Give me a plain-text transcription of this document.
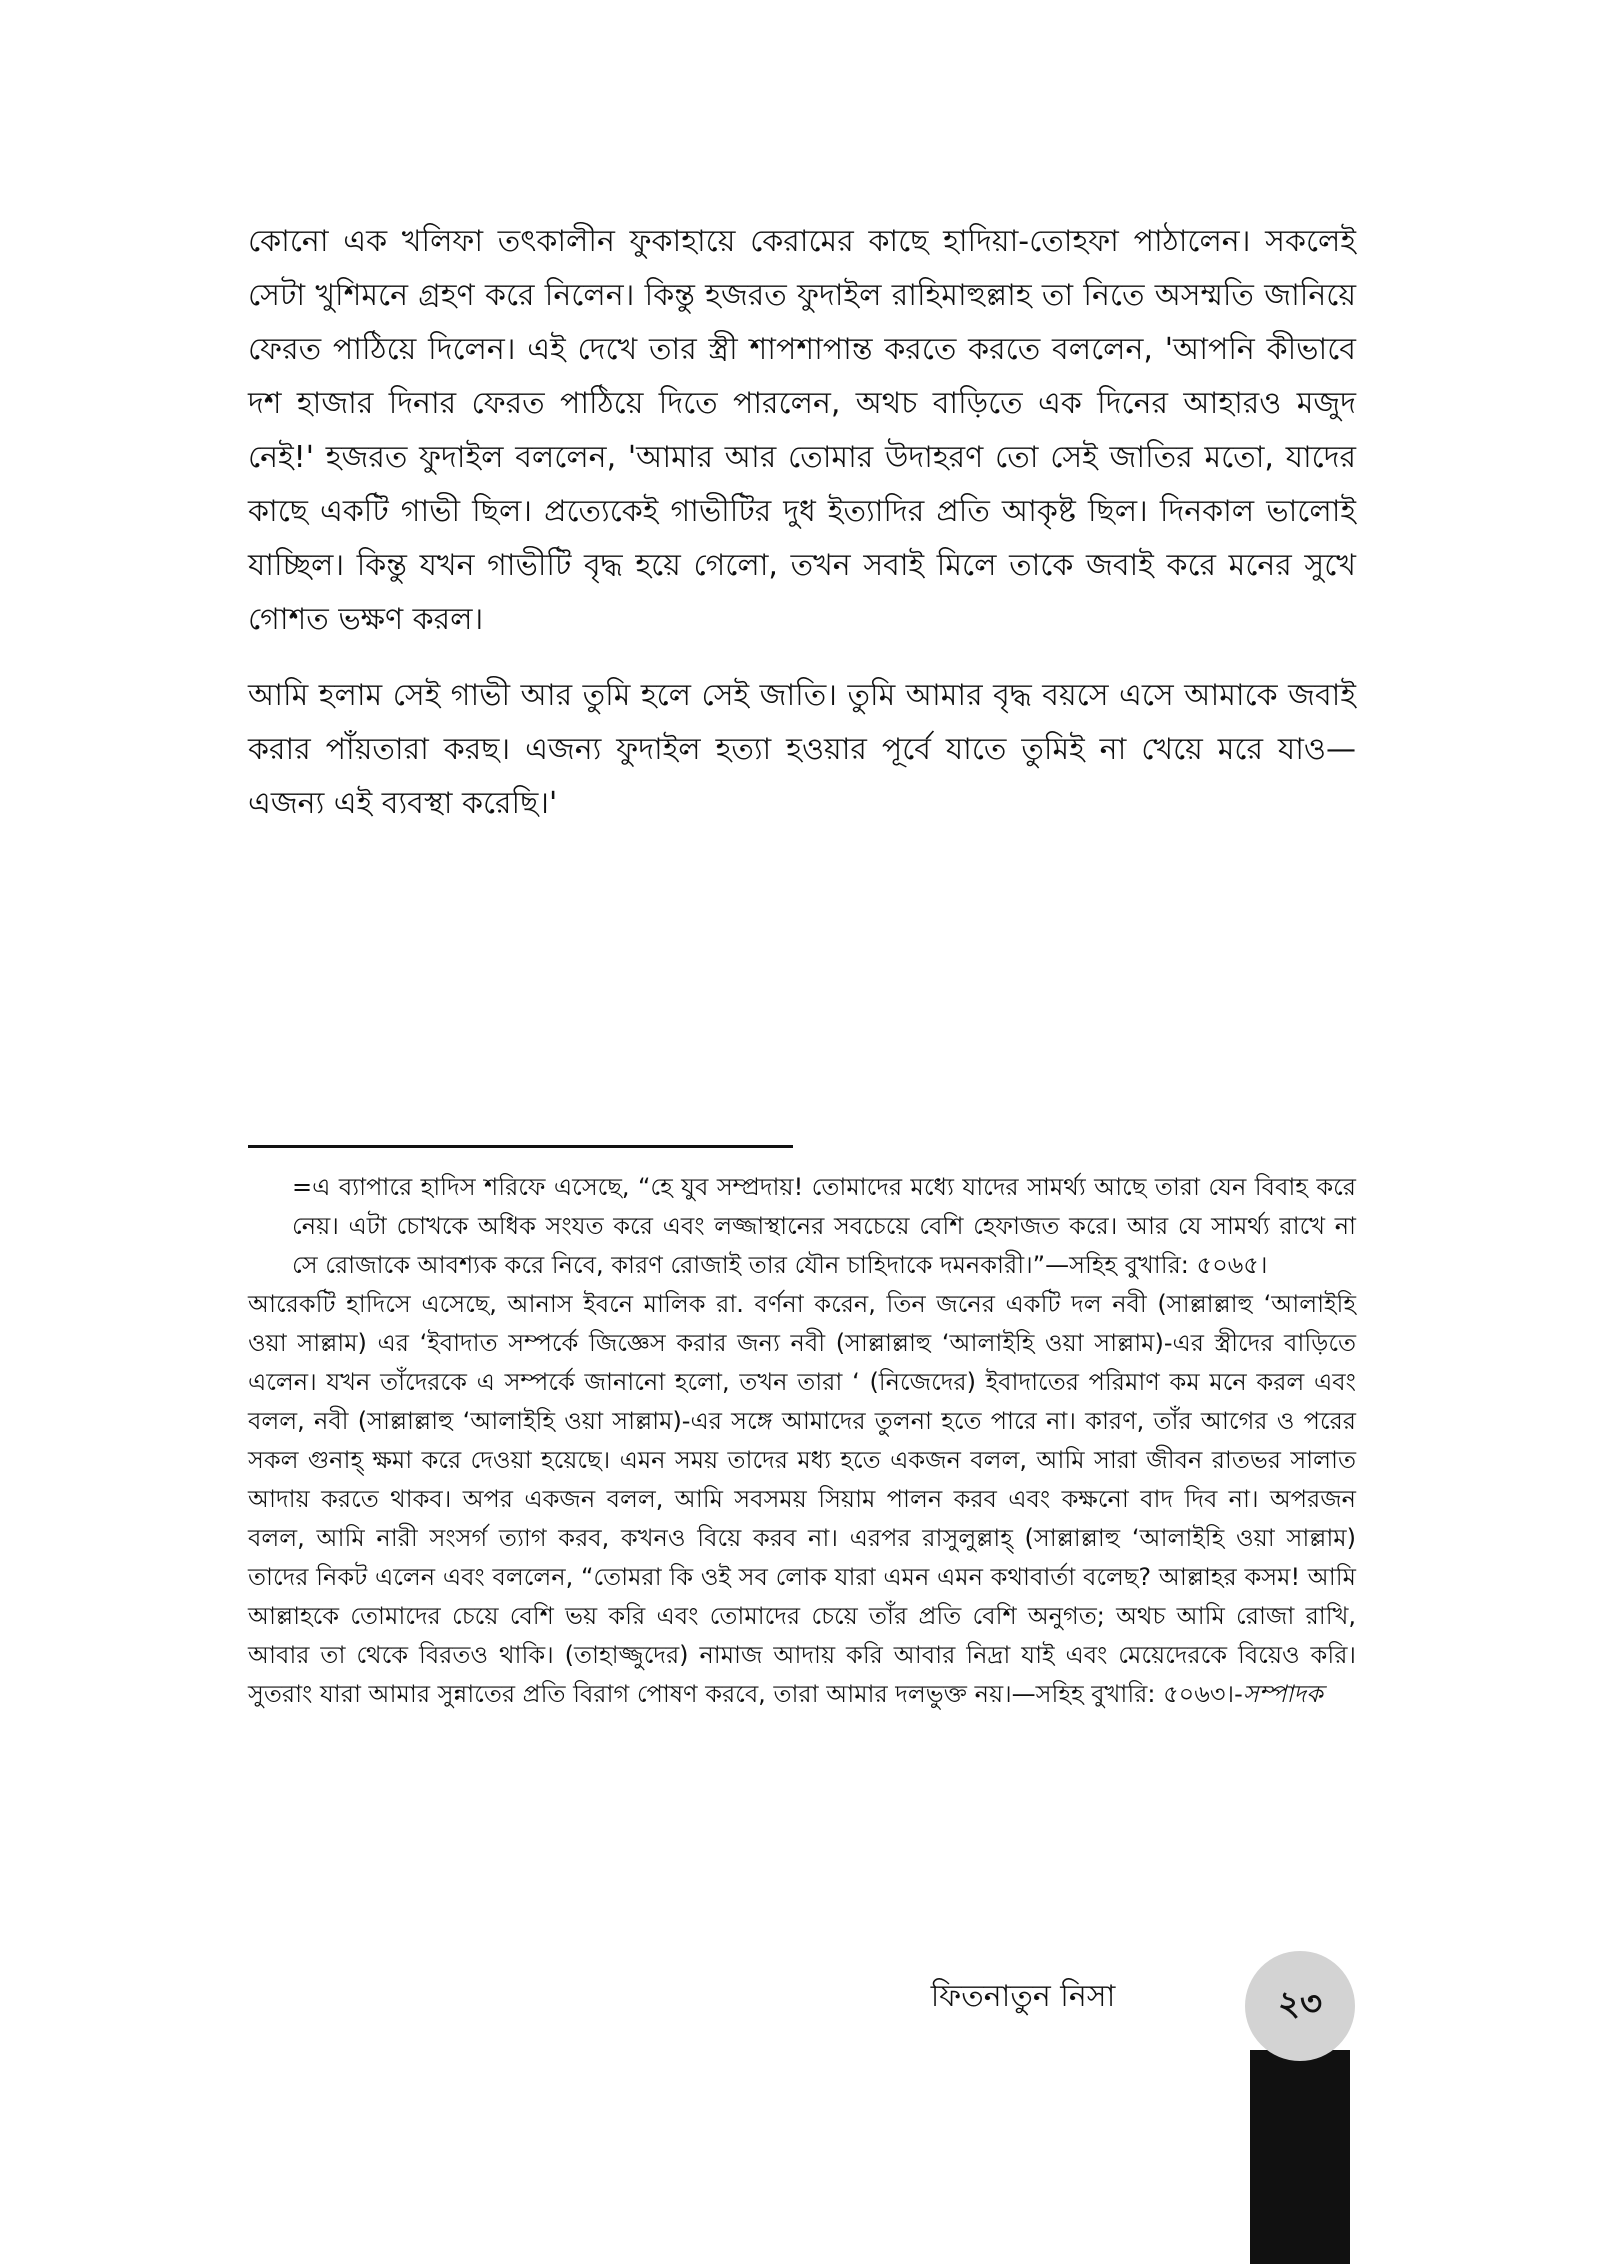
কোনো এক খলিফা তৎকালীন ফুকাহায়ে কেরামের কাছে হাদিয়া-তোহফা পাঠালেন। সকলেই সেটা খুশিমনে গ্রহণ করে নিলেন। কিন্তু হজরত ফুদাইল রাহিমাহুল্লাহ তা নিতে অসম্মতি জানিয়ে ফেরত পাঠিয়ে দিলেন। এই দেখে তার স্ত্রী শাপশাপান্ত করতে করতে বললেন, 'আপনি কীভাবে দশ হাজার দিনার ফেরত পাঠিয়ে দিতে পারলেন, অথচ বাড়িতে এক দিনের আহারও মজুদ নেই!' হজরত ফুদাইল বললেন, 'আমার আর তোমার উদাহরণ তো সেই জাতির মতো, যাদের কাছে একটি গাভী ছিল। প্রত্যেকেই গাভীটির দুধ ইত্যাদির প্রতি আকৃষ্ট ছিল। দিনকাল ভালোই যাচ্ছিল। কিন্তু যখন গাভীটি বৃদ্ধ হয়ে গেলো, তখন সবাই মিলে তাকে জবাই করে মনের সুখে গোশত ভক্ষণ করল।

আমি হলাম সেই গাভী আর তুমি হলে সেই জাতি। তুমি আমার বৃদ্ধ বয়সে এসে আমাকে জবাই করার পাঁয়তারা করছ। এজন্য ফুদাইল হত্যা হওয়ার পূর্বে যাতে তুমিই না খেয়ে মরে যাও—এজন্য এই ব্যবস্থা করেছি।'

=এ ব্যাপারে হাদিস শরিফে এসেছে, “হে যুব সম্প্রদায়! তোমাদের মধ্যে যাদের সামর্থ্য আছে তারা যেন বিবাহ করে নেয়। এটা চোখকে অধিক সংযত করে এবং লজ্জাস্থানের সবচেয়ে বেশি হেফাজত করে। আর যে সামর্থ্য রাখে না সে রোজাকে আবশ্যক করে নিবে, কারণ রোজাই তার যৌন চাহিদাকে দমনকারী।”—সহিহ বুখারি: ৫০৬৫।

আরেকটি হাদিসে এসেছে, আনাস ইবনে মালিক রা. বর্ণনা করেন, তিন জনের একটি দল নবী (সাল্লাল্লাহু ‘আলাইহি ওয়া সাল্লাম) এর ‘ইবাদাত সম্পর্কে জিজ্ঞেস করার জন্য নবী (সাল্লাল্লাহু ‘আলাইহি ওয়া সাল্লাম)-এর স্ত্রীদের বাড়িতে এলেন। যখন তাঁদেরকে এ সম্পর্কে জানানো হলো, তখন তারা ‘ (নিজেদের) ইবাদাতের পরিমাণ কম মনে করল এবং বলল, নবী (সাল্লাল্লাহু ‘আলাইহি ওয়া সাল্লাম)-এর সঙ্গে আমাদের তুলনা হতে পারে না। কারণ, তাঁর আগের ও পরের সকল গুনাহ্ ক্ষমা করে দেওয়া হয়েছে। এমন সময় তাদের মধ্য হতে একজন বলল, আমি সারা জীবন রাতভর সালাত আদায় করতে থাকব। অপর একজন বলল, আমি সবসময় সিয়াম পালন করব এবং কক্ষনো বাদ দিব না। অপরজন বলল, আমি নারী সংসর্গ ত্যাগ করব, কখনও বিয়ে করব না। এরপর রাসুলুল্লাহ্ (সাল্লাল্লাহু ‘আলাইহি ওয়া সাল্লাম) তাদের নিকট এলেন এবং বললেন, “তোমরা কি ওই সব লোক যারা এমন এমন কথাবার্তা বলেছ? আল্লাহর কসম! আমি আল্লাহকে তোমাদের চেয়ে বেশি ভয় করি এবং তোমাদের চেয়ে তাঁর প্রতি বেশি অনুগত; অথচ আমি রোজা রাখি, আবার তা থেকে বিরতও থাকি। (তাহাজ্জুদের) নামাজ আদায় করি আবার নিদ্রা যাই এবং মেয়েদেরকে বিয়েও করি। সুতরাং যারা আমার সুন্নাতের প্রতি বিরাগ পোষণ করবে, তারা আমার দলভুক্ত নয়।—সহিহ বুখারি: ৫০৬৩।-সম্পাদক

ফিতনাতুন নিসা	২৩
